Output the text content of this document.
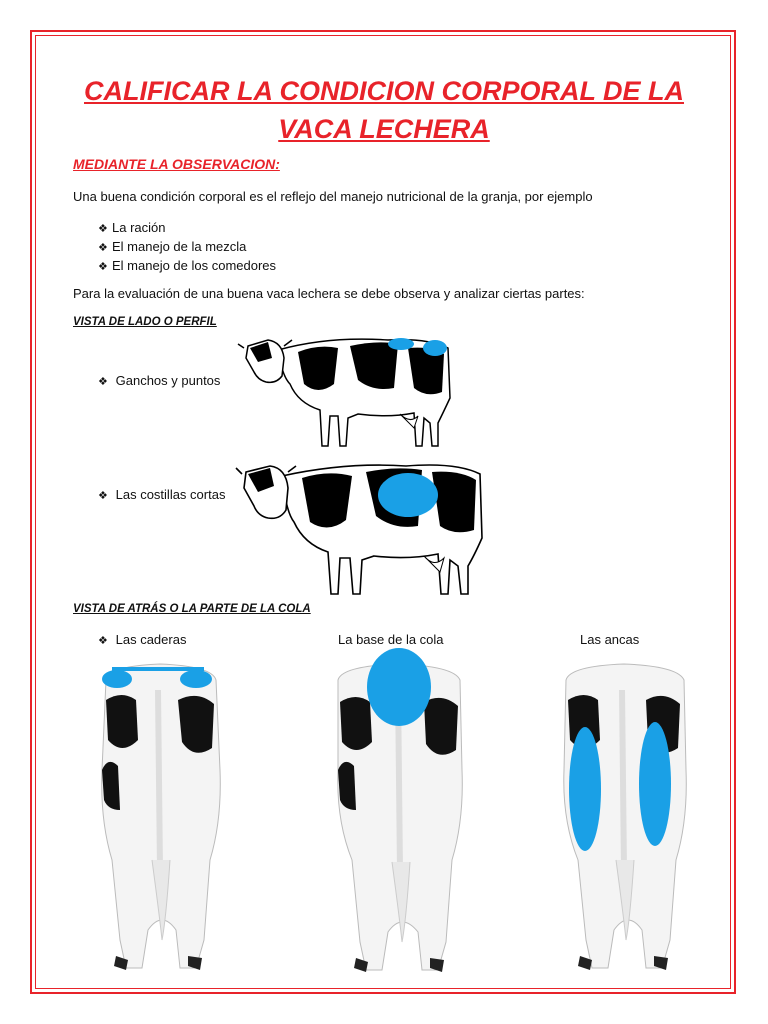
CALIFICAR LA CONDICION CORPORAL DE LA VACA LECHERA
MEDIANTE LA OBSERVACION:
Una buena condición corporal es el reflejo del manejo nutricional de la granja, por ejemplo
❖ La ración
❖ El manejo de la mezcla
❖ El manejo de los comedores
Para la evaluación de una buena vaca lechera se debe observa y analizar ciertas partes:
VISTA DE LADO O PERFIL
❖ Ganchos y puntos
❖ Las costillas cortas
VISTA DE ATRÁS O LA PARTE DE LA COLA
❖ Las caderas	La base de la cola	Las ancas
